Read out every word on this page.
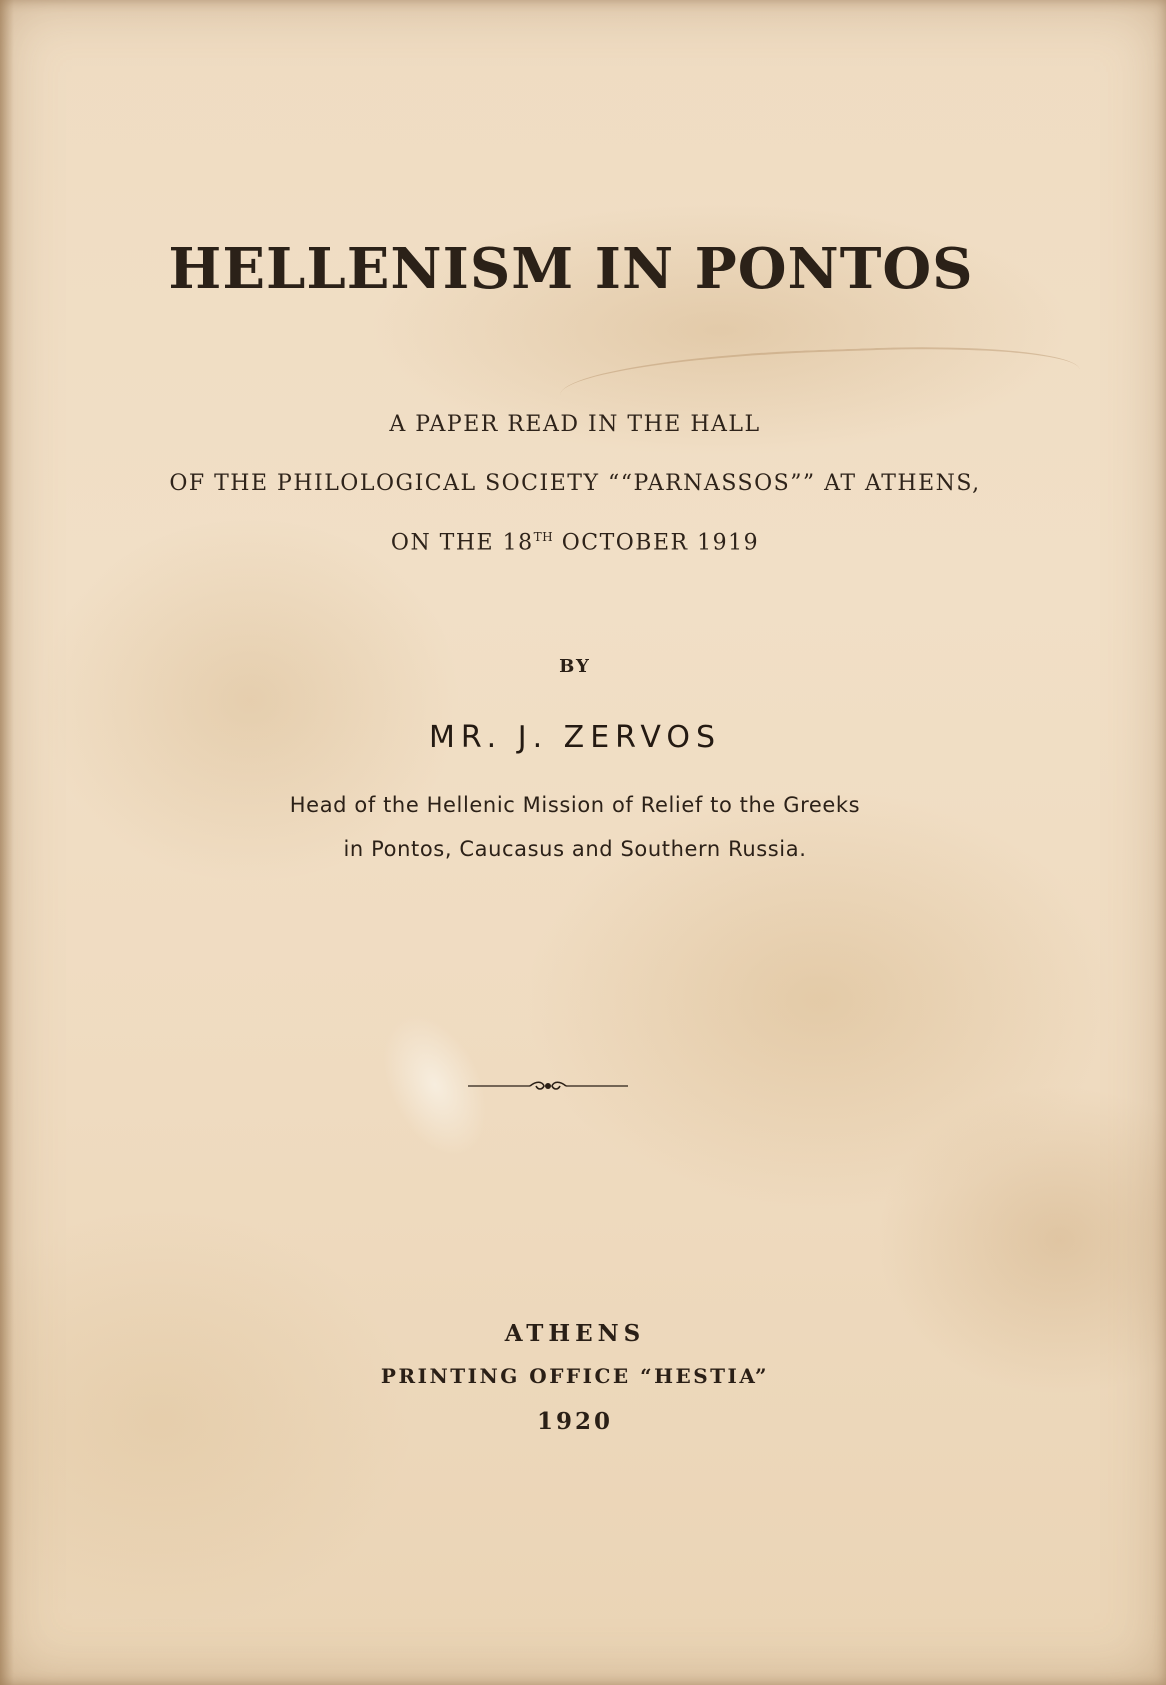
HELLENISM IN PONTOS
A PAPER READ IN THE HALL
OF THE PHILOLOGICAL SOCIETY ““PARNASSOS”” AT ATHENS,
ON THE 18TH OCTOBER 1919
BY
MR. J. ZERVOS
Head of the Hellenic Mission of Relief to the Greeks
in Pontos, Caucasus and Southern Russia.
ATHENS
PRINTING OFFICE “HESTIA”
1920
